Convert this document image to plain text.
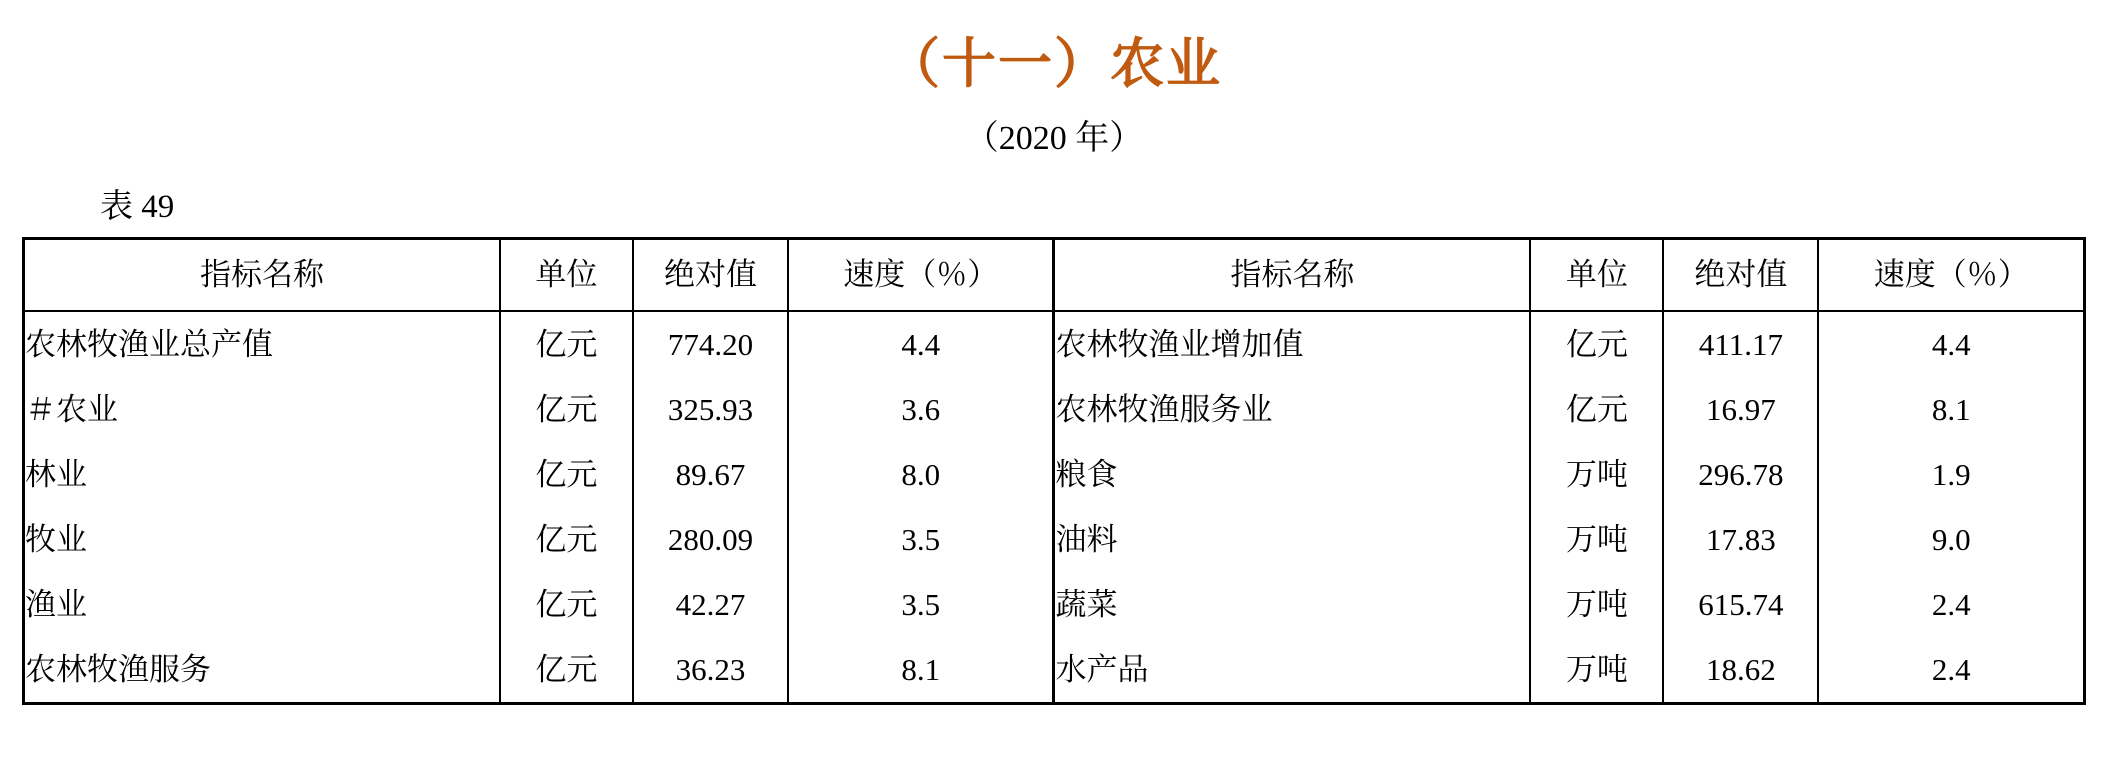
（十一）农业
（2020 年）
表 49
指标名称	单位	绝对值	速度（％）	指标名称	单位	绝对值	速度（％）
农林牧渔业总产值	亿元	774.20	4.4	农林牧渔业增加值	亿元	411.17	4.4
＃农业	亿元	325.93	3.6	农林牧渔服务业	亿元	16.97	8.1
林业	亿元	89.67	8.0	粮食	万吨	296.78	1.9
牧业	亿元	280.09	3.5	油料	万吨	17.83	9.0
渔业	亿元	42.27	3.5	蔬菜	万吨	615.74	2.4
农林牧渔服务	亿元	36.23	8.1	水产品	万吨	18.62	2.4
